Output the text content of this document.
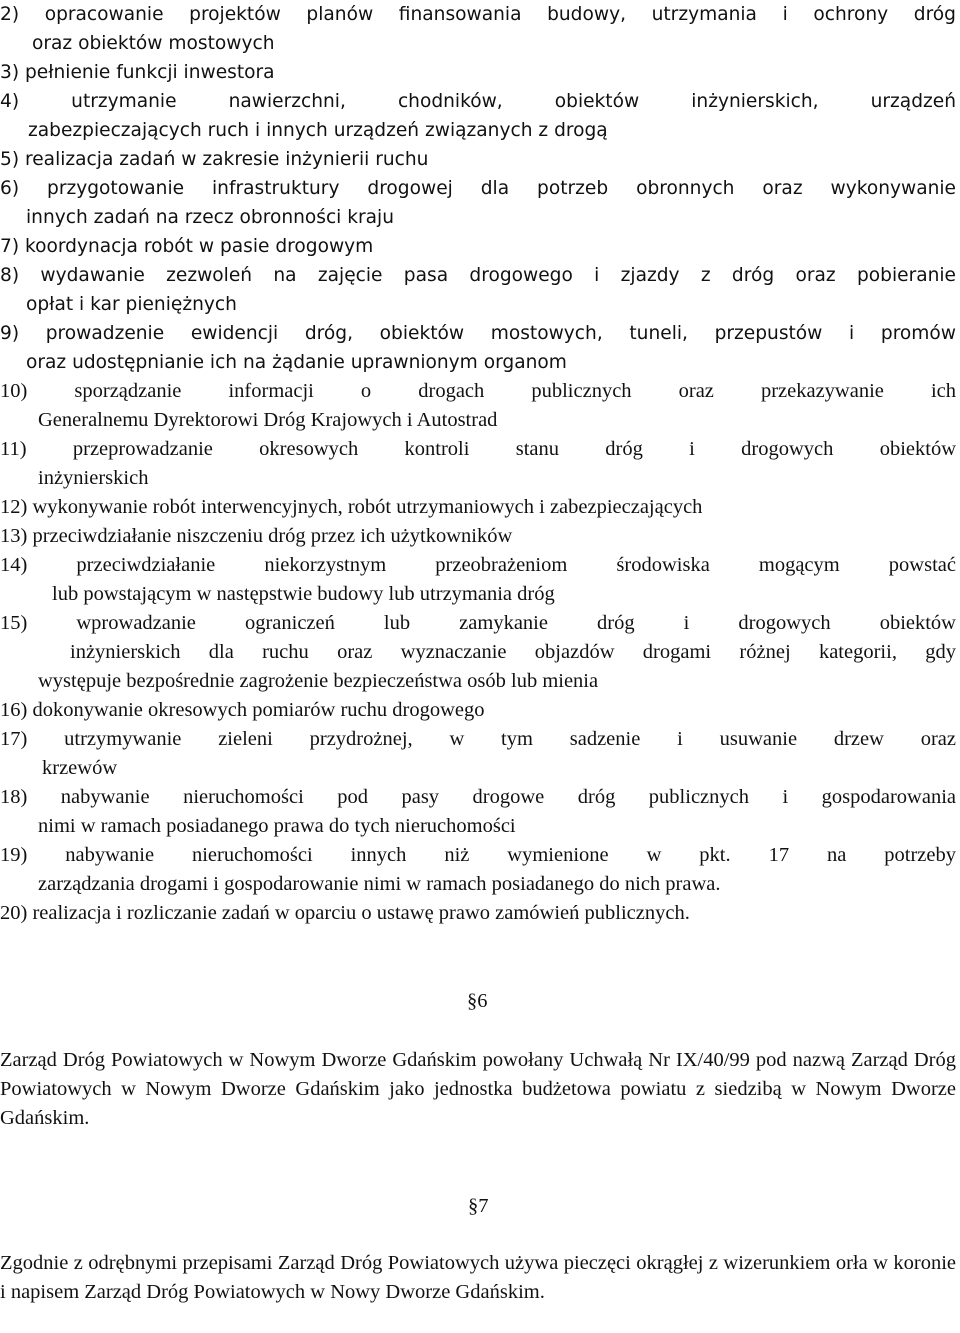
2) opracowanie projektów planów finansowania budowy, utrzymania i ochrony dróg
oraz obiektów mostowych
3) pełnienie funkcji inwestora
4) utrzymanie nawierzchni, chodników, obiektów inżynierskich, urządzeń
zabezpieczających ruch i innych urządzeń związanych z drogą
5) realizacja zadań w zakresie inżynierii ruchu
6) przygotowanie infrastruktury drogowej dla potrzeb obronnych oraz wykonywanie
innych zadań na rzecz obronności kraju
7) koordynacja robót w pasie drogowym
8) wydawanie zezwoleń na zajęcie pasa drogowego i zjazdy z dróg oraz pobieranie
opłat i kar pieniężnych
9) prowadzenie ewidencji dróg, obiektów mostowych, tuneli, przepustów i promów
oraz udostępnianie ich na żądanie uprawnionym organom
10) sporządzanie informacji o drogach publicznych oraz przekazywanie ich
Generalnemu Dyrektorowi Dróg Krajowych i Autostrad
11) przeprowadzanie okresowych kontroli stanu dróg i drogowych obiektów
inżynierskich
12) wykonywanie robót interwencyjnych, robót utrzymaniowych i zabezpieczających
13) przeciwdziałanie niszczeniu dróg przez ich użytkowników
14) przeciwdziałanie niekorzystnym przeobrażeniom środowiska mogącym powstać
lub powstającym w następstwie budowy lub utrzymania dróg
15) wprowadzanie ograniczeń lub zamykanie dróg i drogowych obiektów
inżynierskich dla ruchu oraz wyznaczanie objazdów drogami różnej kategorii, gdy
występuje bezpośrednie zagrożenie bezpieczeństwa osób lub mienia
16) dokonywanie okresowych pomiarów ruchu drogowego
17) utrzymywanie zieleni przydrożnej, w tym sadzenie i usuwanie drzew oraz
krzewów
18) nabywanie nieruchomości pod pasy drogowe dróg publicznych i gospodarowania
nimi w ramach posiadanego prawa do tych nieruchomości
19) nabywanie nieruchomości innych niż wymienione w pkt. 17 na potrzeby
zarządzania drogami i gospodarowanie nimi w ramach posiadanego do nich prawa.
20) realizacja i rozliczanie zadań w oparciu o ustawę prawo zamówień publicznych.
§6
Zarząd Dróg Powiatowych w Nowym Dworze Gdańskim powołany Uchwałą Nr IX/40/99 pod nazwą Zarząd Dróg Powiatowych w Nowym Dworze Gdańskim jako jednostka budżetowa powiatu z siedzibą w Nowym Dworze Gdańskim.
§7
Zgodnie z odrębnymi przepisami Zarząd Dróg Powiatowych używa pieczęci okrągłej z wizerunkiem orła w koronie i napisem Zarząd Dróg Powiatowych w Nowy Dworze Gdańskim.
